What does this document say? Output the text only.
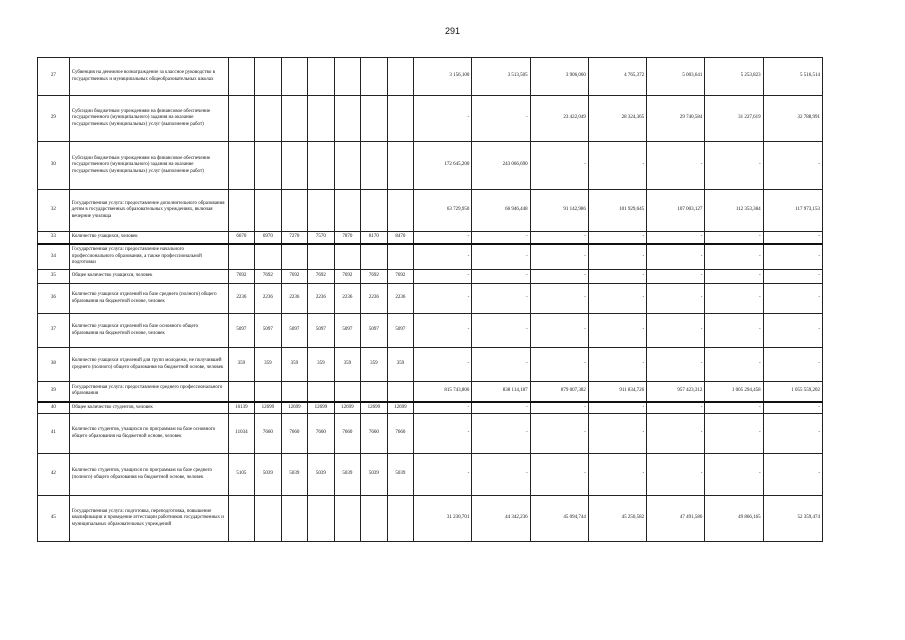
291
27	Субвенция на денежное вознаграждение за классное руководство в государственных и муниципальных общеобразовательных школах								3 156,100	3 513,505	3 906,060	4 765,372	5 003,641	5 253,823	5 516,514
29	Субсидии бюджетным учреждениям на финансовое обеспечение государственного (муниципального) задания на оказание государственных (муниципальных) услуг (выполнение работ)								-	-	23 422,049	28 324,365	29 740,584	31 227,619	32 788,991
30	Субсидии бюджетным учреждениям на финансовое обеспечение государственного (муниципального) задания на оказание государственных (муниципальных) услуг (выполнение работ)								172 645,200	243 066,690	-	-	-	-	-
32	Государственная услуга: предоставление дополнительного образования детям в государственных образовательных учреждениях, включая вечерние училища								63 729,950	66 946,448	91 142,986	101 929,645	107 003,127	112 353,384	117 973,153
33	Количество учащихся, человек	6670	6970	7270	7570	7870	8170	8470	-	-	-	-	-	-	-
34	Государственная услуга: предоставление начального профессионального образования, а также профессиональной подготовки								-	-	-	-	-	-	-
35	Общее количество учащихся, человек	7692	7692	7692	7692	7692	7692	7692	-	-	-	-	-	-	-
36	Количество учащихся отделений на базе среднего (полного) общего образования на бюджетной основе, человек	2236	2236	2236	2236	2236	2236	2236	-	-	-	-	-	-	-
37	Количество учащихся отделений на базе основного общего образования на бюджетной основе, человек	5097	5097	5097	5097	5097	5097	5097	-	-	-	-	-	-	-
38	Количество учащихся отделений для групп молодежи, не получившей среднего (полного) общего образования на бюджетной основе, человек	359	359	359	359	359	359	359	-	-	-	-	-	-	-
39	Государственная услуга: предоставление среднего профессионального образования								815 743,806	838 114,187	879 007,382	911 834,726	957 423,312	1 005 294,458	1 055 559,202
40	Общее количество студентов, человек	16139	12699	12699	12699	12699	12699	12699	-	-	-	-	-	-	-
41	Количество студентов, учащихся по программам на базе основного общего образования на бюджетной основе, человек	11034	7660	7660	7660	7660	7660	7660	-	-	-	-	-	-	-
42	Количество студентов, учащихся по программам на базе среднего (полного) общего образования на бюджетной основе, человек	5105	5039	5039	5039	5039	5039	5039	-	-	-	-	-	-	-
45	Государственная услуга: подготовка, переподготовка, повышение квалификации и проведение аттестации работников государственных и муниципальных образовательных учреждений								31 230,701	44 342,236	45 094,744	45 250,582	47 491,586	49 866,165	52 359,474
